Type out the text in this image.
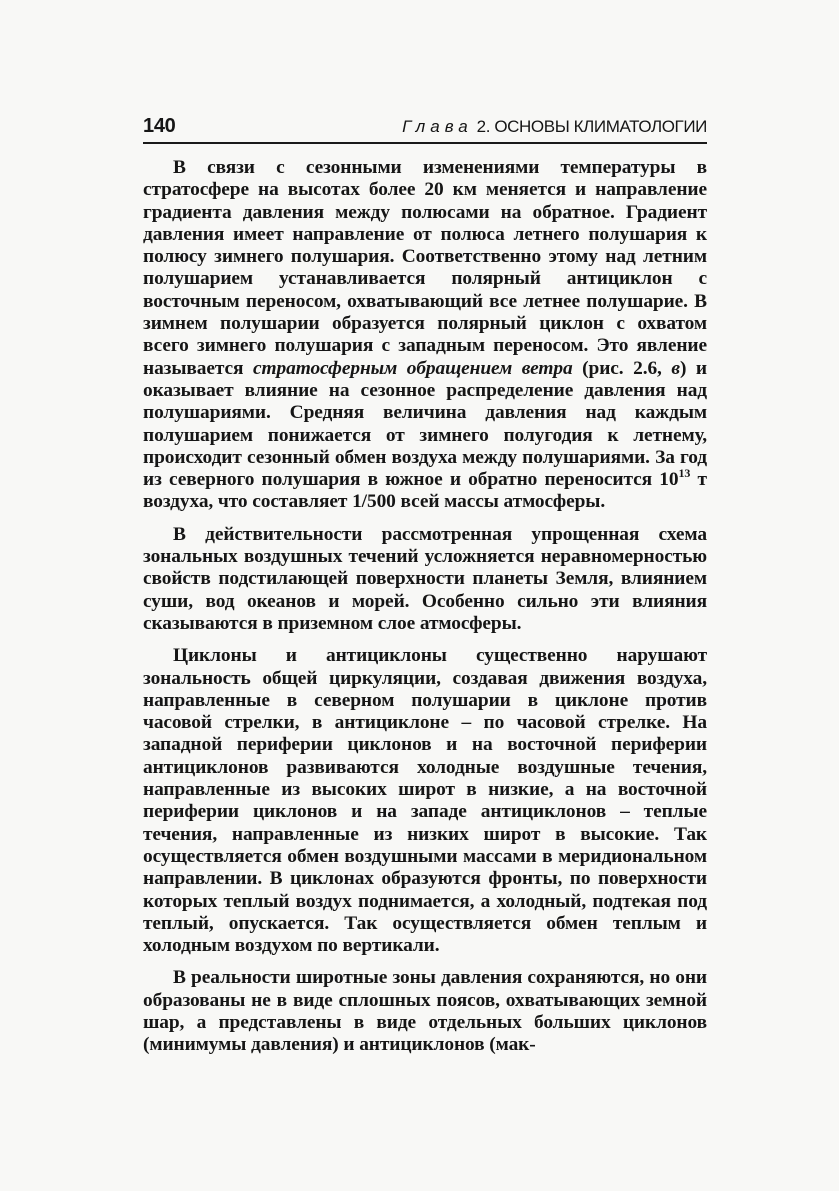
140	Глава 2. ОСНОВЫ КЛИМАТОЛОГИИ

В связи с сезонными изменениями температуры в стратосфере на высотах более 20 км меняется и направление градиента давления между полюсами на обратное. Градиент давления имеет направление от полюса летнего полушария к полюсу зимнего полушария. Соответственно этому над летним полушарием устанавливается полярный антициклон с восточным переносом, охватывающий все летнее полушарие. В зимнем полушарии образуется полярный циклон с охватом всего зимнего полушария с западным переносом. Это явление называется стратосферным обращением ветра (рис. 2.6, в) и оказывает влияние на сезонное распределение давления над полушариями. Средняя величина давления над каждым полушарием понижается от зимнего полугодия к летнему, происходит сезонный обмен воздуха между полушариями. За год из северного полушария в южное и обратно переносится $10^{13}$ т воздуха, что составляет 1/500 всей массы атмосферы.

В действительности рассмотренная упрощенная схема зональных воздушных течений усложняется неравномерностью свойств подстилающей поверхности планеты Земля, влиянием суши, вод океанов и морей. Особенно сильно эти влияния сказываются в приземном слое атмосферы.

Циклоны и антициклоны существенно нарушают зональность общей циркуляции, создавая движения воздуха, направленные в северном полушарии в циклоне против часовой стрелки, в антициклоне – по часовой стрелке. На западной периферии циклонов и на восточной периферии антициклонов развиваются холодные воздушные течения, направленные из высоких широт в низкие, а на восточной периферии циклонов и на западе антициклонов – теплые течения, направленные из низких широт в высокие. Так осуществляется обмен воздушными массами в меридиональном направлении. В циклонах образуются фронты, по поверхности которых теплый воздух поднимается, а холодный, подтекая под теплый, опускается. Так осуществляется обмен теплым и холодным воздухом по вертикали.

В реальности широтные зоны давления сохраняются, но они образованы не в виде сплошных поясов, охватывающих земной шар, а представлены в виде отдельных больших циклонов (минимумы давления) и антициклонов (мак-
